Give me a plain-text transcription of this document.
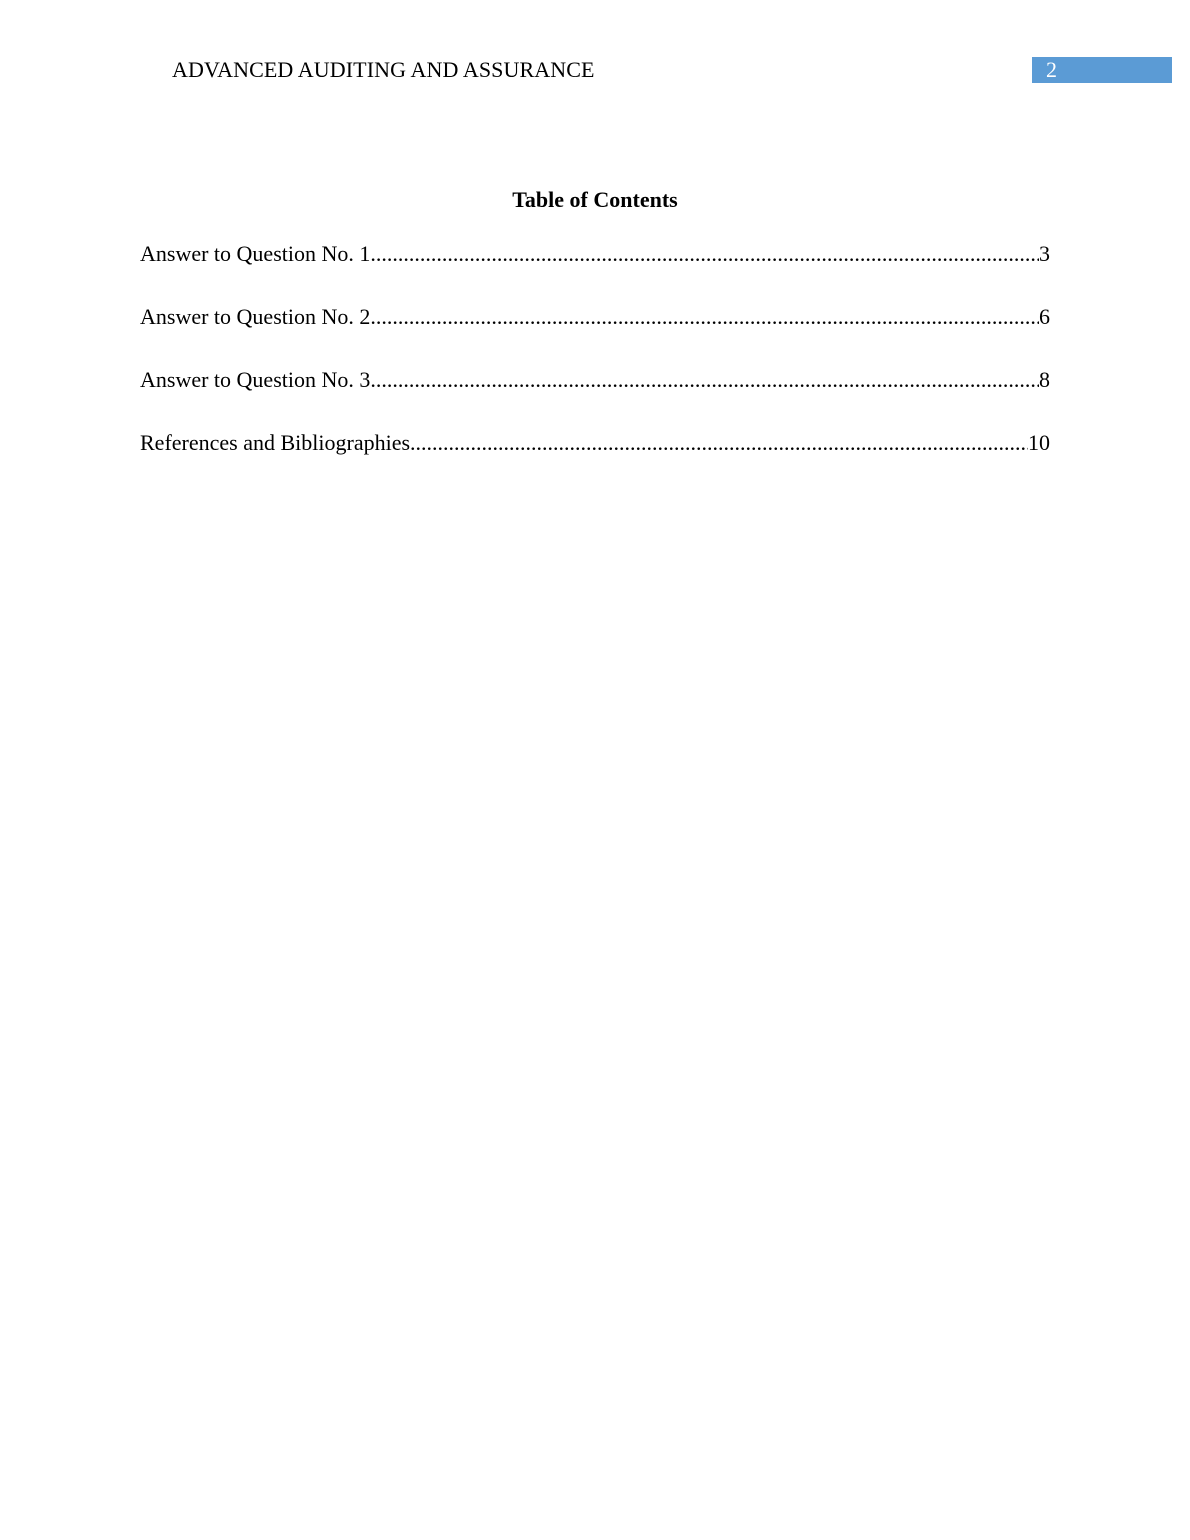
ADVANCED AUDITING AND ASSURANCE	2
Table of Contents
Answer to Question No. 1 .....	3
Answer to Question No. 2 .....	6
Answer to Question No. 3 .....	8
References and Bibliographies .....	10
